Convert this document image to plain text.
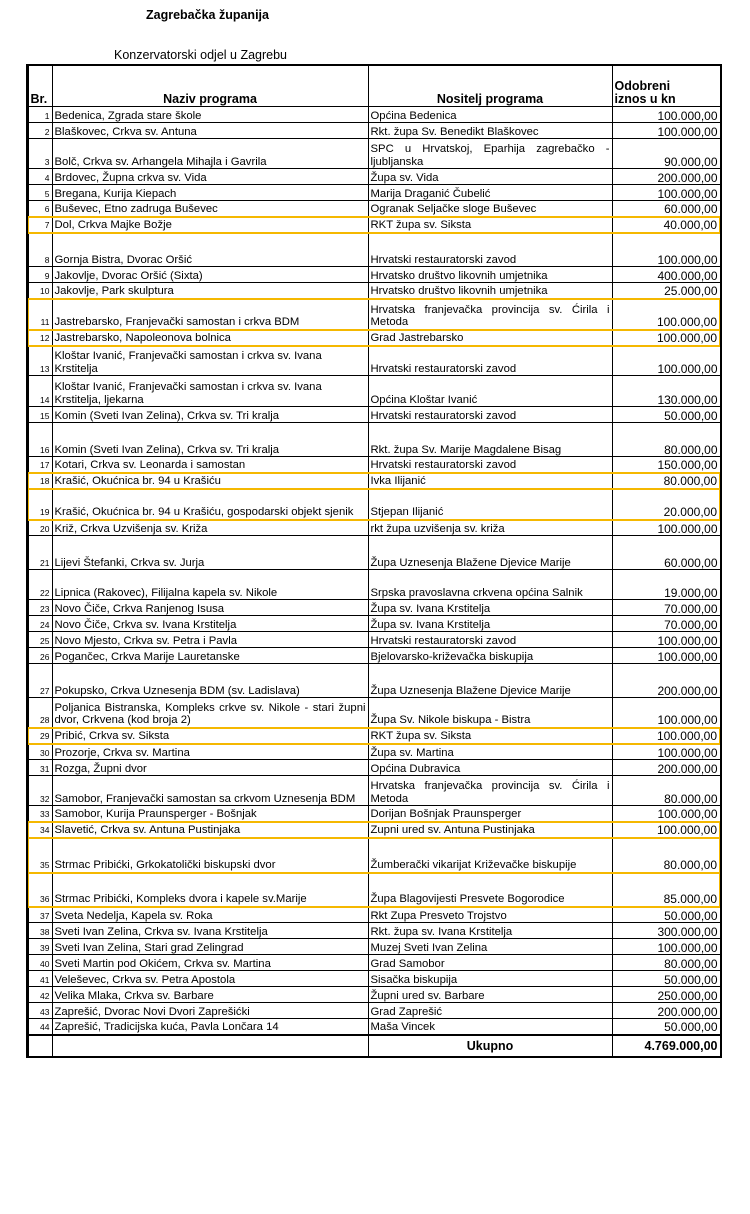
Zagrebačka županija
Konzervatorski odjel u Zagrebu
Br.	Naziv programa	Nositelj programa	Odobreni
iznos u kn
1	Bedenica, Zgrada stare škole	Općina Bedenica	100.000,00
2	Blaškovec, Crkva sv. Antuna	Rkt. župa Sv. Benedikt Blaškovec	100.000,00
3	Bolč, Crkva sv. Arhangela Mihajla i Gavrila	SPC u Hrvatskoj, Eparhija zagrebačko - ljubljanska	90.000,00
4	Brdovec, Župna crkva sv. Vida	Župa sv. Vida	200.000,00
5	Bregana, Kurija Kiepach	Marija Draganić Čubelić	100.000,00
6	Buševec, Etno zadruga Buševec	Ogranak Seljačke sloge Buševec	60.000,00
7	Dol, Crkva Majke Božje	RKT župa sv. Siksta	40.000,00
8	Gornja Bistra, Dvorac Oršić	Hrvatski restauratorski zavod	100.000,00
9	Jakovlje, Dvorac Oršić (Sixta)	Hrvatsko društvo likovnih umjetnika	400.000,00
10	Jakovlje, Park skulptura	Hrvatsko društvo likovnih umjetnika	25.000,00
11	Jastrebarsko, Franjevački samostan i crkva BDM	Hrvatska franjevačka provincija sv. Ćirila i Metoda	100.000,00
12	Jastrebarsko, Napoleonova bolnica	Grad Jastrebarsko	100.000,00
13	Kloštar Ivanić, Franjevački samostan i crkva sv. Ivana Krstitelja	Hrvatski restauratorski zavod	100.000,00
14	Kloštar Ivanić, Franjevački samostan i crkva sv. Ivana Krstitelja, ljekarna	Općina Kloštar Ivanić	130.000,00
15	Komin (Sveti Ivan Zelina), Crkva sv. Tri kralja	Hrvatski restauratorski zavod	50.000,00
16	Komin (Sveti Ivan Zelina), Crkva sv. Tri kralja	Rkt. župa Sv. Marije Magdalene Bisag	80.000,00
17	Kotari, Crkva sv. Leonarda i samostan	Hrvatski restauratorski zavod	150.000,00
18	Krašić, Okućnica br. 94 u Krašiću	Ivka Ilijanić	80.000,00
19	Krašić, Okućnica br. 94 u Krašiću, gospodarski objekt sjenik	Stjepan Ilijanić	20.000,00
20	Križ, Crkva Uzvišenja sv. Križa	rkt župa uzvišenja sv. križa	100.000,00
21	Lijevi Štefanki, Crkva sv. Jurja	Župa Uznesenja Blažene Djevice Marije	60.000,00
22	Lipnica (Rakovec), Filijalna kapela sv. Nikole	Srpska pravoslavna crkvena općina Salnik	19.000,00
23	Novo Čiče, Crkva Ranjenog Isusa	Župa sv. Ivana Krstitelja	70.000,00
24	Novo Čiče, Crkva sv. Ivana Krstitelja	Župa sv. Ivana Krstitelja	70.000,00
25	Novo Mjesto, Crkva sv. Petra i Pavla	Hrvatski restauratorski zavod	100.000,00
26	Pogančec, Crkva Marije Lauretanske	Bjelovarsko-križevačka biskupija	100.000,00
27	Pokupsko, Crkva Uznesenja BDM (sv. Ladislava)	Župa Uznesenja Blažene Djevice Marije	200.000,00
28	Poljanica Bistranska, Kompleks crkve sv. Nikole - stari župni dvor, Crkvena (kod broja 2)	Župa Sv. Nikole biskupa - Bistra	100.000,00
29	Pribić, Crkva sv. Siksta	RKT župa sv. Siksta	100.000,00
30	Prozorje, Crkva sv. Martina	Župa sv. Martina	100.000,00
31	Rozga, Župni dvor	Općina Dubravica	200.000,00
32	Samobor, Franjevački samostan sa crkvom Uznesenja BDM	Hrvatska franjevačka provincija sv. Ćirila i Metoda	80.000,00
33	Samobor, Kurija Praunsperger - Bošnjak	Dorijan Bošnjak Praunsperger	100.000,00
34	Slavetić, Crkva sv. Antuna Pustinjaka	Zupni ured sv. Antuna Pustinjaka	100.000,00
35	Strmac Pribićki, Grkokatolički biskupski dvor	Žumberački vikarijat Križevačke biskupije	80.000,00
36	Strmac Pribićki, Kompleks dvora i kapele sv.Marije	Župa Blagovijesti Presvete Bogorodice	85.000,00
37	Sveta Nedelja, Kapela sv. Roka	Rkt Zupa Presveto Trojstvo	50.000,00
38	Sveti Ivan Zelina, Crkva sv. Ivana Krstitelja	Rkt. župa sv. Ivana Krstitelja	300.000,00
39	Sveti Ivan Zelina, Stari grad Zelingrad	Muzej Sveti Ivan Zelina	100.000,00
40	Sveti Martin pod Okićem, Crkva sv. Martina	Grad Samobor	80.000,00
41	Veleševec, Crkva sv. Petra Apostola	Sisačka biskupija	50.000,00
42	Velika Mlaka, Crkva sv. Barbare	Župni ured sv. Barbare	250.000,00
43	Zaprešić, Dvorac Novi Dvori Zaprešićki	Grad Zaprešić	200.000,00
44	Zaprešić, Tradicijska kuća, Pavla Lončara 14	Maša Vincek	50.000,00
		Ukupno	4.769.000,00
